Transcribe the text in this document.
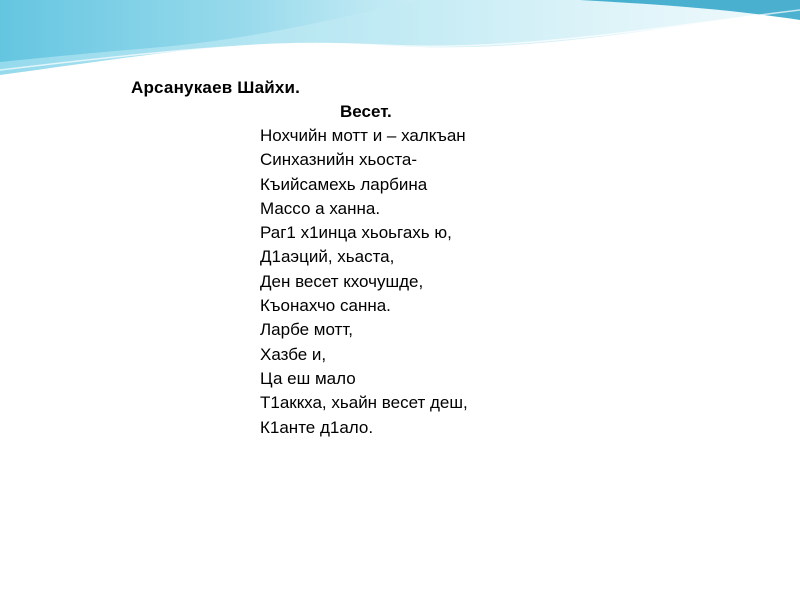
Арсанукаев Шайхи.
Весет.
Нохчийн мотт и – халкъан
Синхазнийн хьоста-
Къийсамехь ларбина
Массо а ханна.
Раг1 х1инца хьоьгахь ю,
Д1аэций, хьаста,
Ден весет кхочушде,
Къонахчо санна.
Ларбе мотт,
Хазбе и,
Ца еш мало
Т1аккха, хьайн весет деш,
К1анте д1ало.
